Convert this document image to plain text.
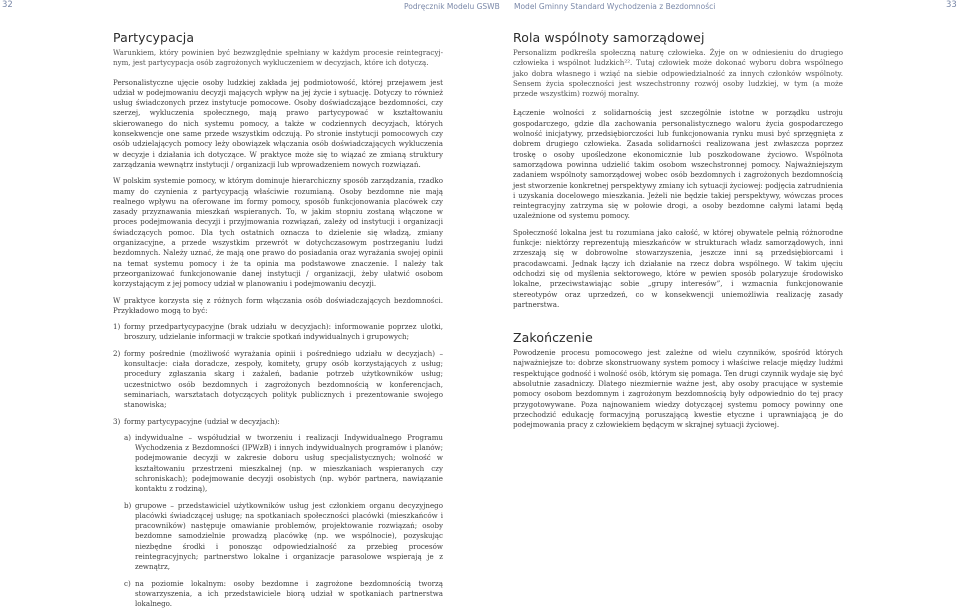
32	Podręcznik Modelu GSWB Model Gminny Standard Wychodzenia z Bezdomności	33
Partycypacja

Warunkiem, który powinien być bezwzględnie spełniany w każdym procesie reintegracyj-nym, jest partycypacja osób zagrożonych wykluczeniem w decyzjach, które ich dotyczą.

Personalistyczne ujęcie osoby ludzkiej zakłada jej podmiotowość, której przejawem jest udział w podejmowaniu decyzji mających wpływ na jej życie i sytuację. Dotyczy to również usług świadczonych przez instytucje pomocowe. Osoby doświadczające bezdomności, czy szerzej, wykluczenia społecznego, mają prawo partycypować w kształtowaniu skierowanego do nich systemu pomocy, a także w codziennych decyzjach, których konsekwencje one same przede wszystkim odczują. Po stronie instytucji pomocowych czy osób udzielających pomocy leży obowiązek włączania osób doświadczających wykluczenia w decyzje i działania ich dotyczące. W praktyce może się to wiązać ze zmianą struktury zarządzania wewnątrz instytucji / organizacji lub wprowadzeniem nowych rozwiązań.

W polskim systemie pomocy, w którym dominuje hierarchiczny sposób zarządzania, rzadko mamy do czynienia z partycypacją właściwie rozumianą. Osoby bezdomne nie mają realnego wpływu na oferowane im formy pomocy, sposób funkcjonowania placówek czy zasady przyznawania mieszkań wspieranych. To, w jakim stopniu zostaną włączone w proces podejmowania decyzji i przyjmowania rozwiązań, zależy od instytucji i organizacji świadczących pomoc. Dla tych ostatnich oznacza to dzielenie się władzą, zmiany organizacyjne, a przede wszystkim przewrót w dotychczasowym postrzeganiu ludzi bezdomnych. Należy uznać, że mają one prawo do posiadania oraz wyrażania swojej opinii na temat systemu pomocy i że ta opinia ma podstawowe znaczenie. I należy tak przeorganizować funkcjonowanie danej instytucji / organizacji, żeby ułatwić osobom korzystającym z jej pomocy udział w planowaniu i podejmowaniu decyzji.

W praktyce korzysta się z różnych form włączania osób doświadczających bezdomności. Przykładowo mogą to być:

1) formy przedpartycypacyjne (brak udziału w decyzjach): informowanie poprzez ulotki, broszury, udzielanie informacji w trakcie spotkań indywidualnych i grupowych;
2) formy pośrednie (możliwość wyrażania opinii i pośredniego udziału w decyzjach) – konsultacje: ciała doradcze, zespoły, komitety, grupy osób korzystających z usług; procedury zgłaszania skarg i zażaleń, badanie potrzeb użytkowników usług; uczestnictwo osób bezdomnych i zagrożonych bezdomnością w konferencjach, seminariach, warsztatach dotyczących polityk publicznych i prezentowanie swojego stanowiska;
3) formy partycypacyjne (udział w decyzjach):
a) indywidualne – współudział w tworzeniu i realizacji Indywidualnego Programu Wychodzenia z Bezdomności (IPWzB) i innych indywidualnych programów i planów; podejmowanie decyzji w zakresie doboru usług specjalistycznych; wolność w kształtowaniu przestrzeni mieszkalnej (np. w mieszkaniach wspieranych czy schroniskach); podejmowanie decyzji osobistych (np. wybór partnera, nawiązanie kontaktu z rodziną),
b) grupowe – przedstawiciel użytkowników usług jest członkiem organu decyzyjnego placówki świadczącej usługę; na spotkaniach społeczności placówki (mieszkańców i pracowników) następuje omawianie problemów, projektowanie rozwiązań; osoby bezdomne samodzielnie prowadzą placówkę (np. we wspólnocie), pozyskując niezbędne środki i ponosząc odpowiedzialność za przebieg procesów reintegracyjnych; partnerstwo lokalne i organizacje parasolowe wspierają je z zewnątrz,
c) na poziomie lokalnym: osoby bezdomne i zagrożone bezdomnością tworzą stowarzyszenia, a ich przedstawiciele biorą udział w spotkaniach partnerstwa lokalnego.
Rola wspólnoty samorządowej

Personalizm podkreśla społeczną naturę człowieka. Żyje on w odniesieniu do drugiego człowieka i wspólnot ludzkich²². Tutaj człowiek może dokonać wyboru dobra wspólnego jako dobra własnego i wziąć na siebie odpowiedzialność za innych członków wspólnoty. Sensem życia społeczności jest wszechstronny rozwój osoby ludzkiej, w tym (a może przede wszystkim) rozwój moralny.

Łączenie wolności z solidarnością jest szczególnie istotne w porządku ustroju gospodarczego, gdzie dla zachowania personalistycznego waloru życia gospodarczego wolność inicjatywy, przedsiębiorczości lub funkcjonowania rynku musi być sprzęgnięta z dobrem drugiego człowieka. Zasada solidarności realizowana jest zwłaszcza poprzez troskę o osoby upośledzone ekonomicznie lub poszkodowane życiowo. Wspólnota samorządowa powinna udzielić takim osobom wszechstronnej pomocy. Najważniejszym zadaniem wspólnoty samorządowej wobec osób bezdomnych i zagrożonych bezdomnością jest stworzenie konkretnej perspektywy zmiany ich sytuacji życiowej: podjęcia zatrudnienia i uzyskania docelowego mieszkania. Jeżeli nie będzie takiej perspektywy, wówczas proces reintegracyjny zatrzyma się w połowie drogi, a osoby bezdomne całymi latami będą uzależnione od systemu pomocy.

Społeczność lokalna jest tu rozumiana jako całość, w której obywatele pełnią różnorodne funkcje: niektórzy reprezentują mieszkańców w strukturach władz samorządowych, inni zrzeszają się w dobrowolne stowarzyszenia, jeszcze inni są przedsiębiorcami i pracodawcami. Jednak łączy ich działanie na rzecz dobra wspólnego. W takim ujęciu odchodzi się od myślenia sektorowego, które w pewien sposób polaryzuje środowisko lokalne, przeciwstawiając sobie „grupy interesów”, i wzmacnia funkcjonowanie stereotypów oraz uprzedzeń, co w konsekwencji uniemożliwia realizację zasady partnerstwa.

Zakończenie

Powodzenie procesu pomocowego jest zależne od wielu czynników, spośród których najważniejsze to: dobrze skonstruowany system pomocy i właściwe relacje między ludźmi respektujące godność i wolność osób, którym się pomaga. Ten drugi czynnik wydaje się być absolutnie zasadniczy. Dlatego niezmiernie ważne jest, aby osoby pracujące w systemie pomocy osobom bezdomnym i zagrożonym bezdomnością były odpowiednio do tej pracy przygotowywane. Poza najnowaniem wiedzy dotyczącej systemu pomocy powinny one przechodzić edukację formacyjną poruszającą kwestie etyczne i uprawniającą je do podejmowania pracy z człowiekiem będącym w skrajnej sytuacji życiowej.
